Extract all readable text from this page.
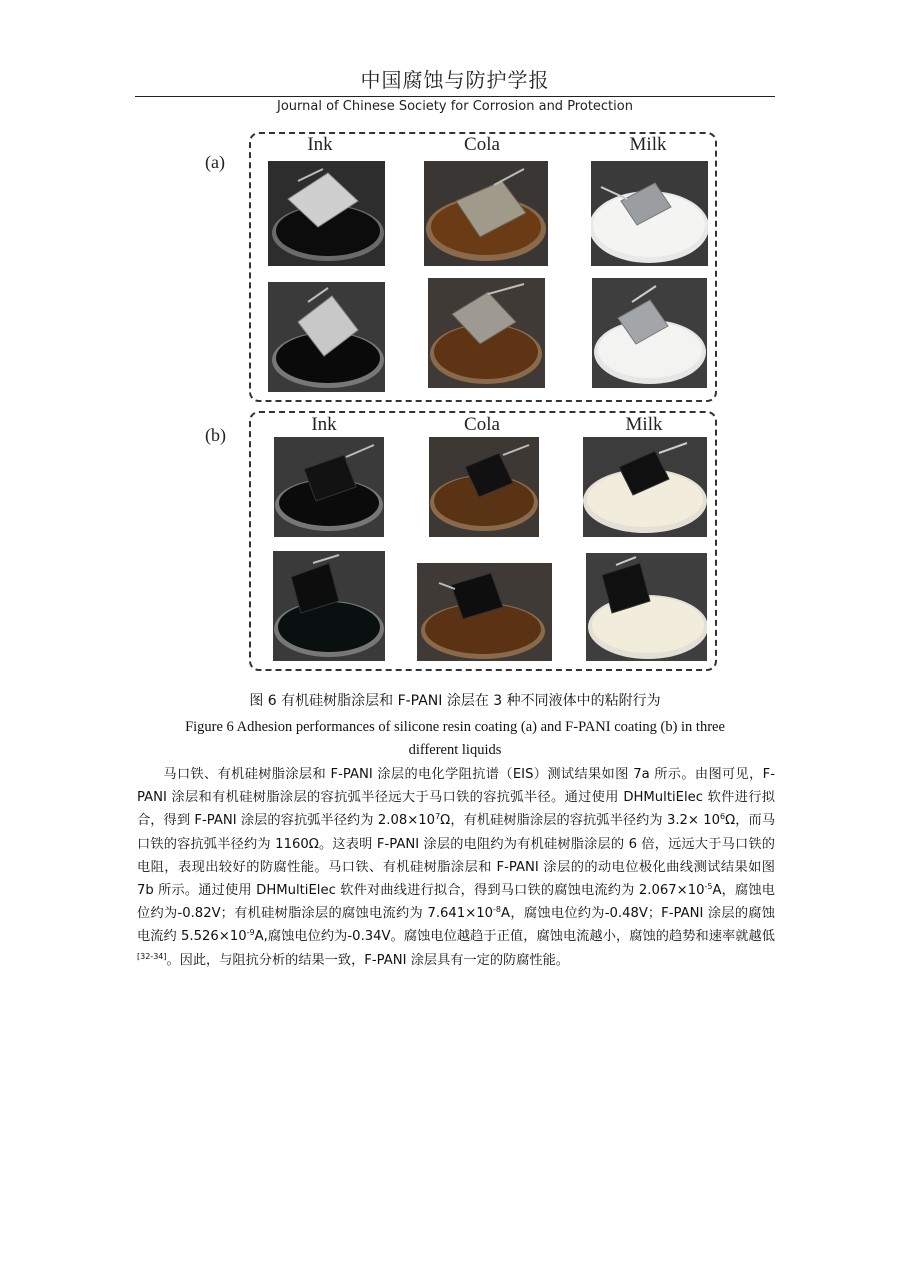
中国腐蚀与防护学报
Journal of Chinese Society for Corrosion and Protection
(a)
Ink	Cola	Milk
(b)	Ink	Cola	Milk
图 6 有机硅树脂涂层和 F-PANI 涂层在 3 种不同液体中的粘附行为
Figure 6 Adhesion performances of silicone resin coating (a) and F-PANI coating (b) in three
different liquids

马口铁、有机硅树脂涂层和 F-PANI 涂层的电化学阻抗谱（EIS）测试结果如图 7a 所示。由图可见，F-PANI 涂层和有机硅树脂涂层的容抗弧半径远大于马口铁的容抗弧半径。通过使用 DHMultiElec 软件进行拟合，得到 F-PANI 涂层的容抗弧半径约为 $2.08\times 10^7\Omega$，有机硅树脂涂层的容抗弧半径约为 $3.2\times 10^6\Omega$，而马口铁的容抗弧半径约为 1160Ω。这表明 F-PANI 涂层的电阻约为有机硅树脂涂层的 6 倍，远远大于马口铁的电阻，表现出较好的防腐性能。马口铁、有机硅树脂涂层和 F-PANI 涂层的的动电位极化曲线测试结果如图 7b 所示。通过使用 DHMultiElec 软件对曲线进行拟合，得到马口铁的腐蚀电流约为 $2.067\times 10^{-5}A$，腐蚀电位约为-0.82V；有机硅树脂涂层的腐蚀电流约为 $7.641\times 10^{-8}A$，腐蚀电位约为-0.48V；F-PANI 涂层的腐蚀电流约 $5.526\times 10^{-9}A$,腐蚀电位约为-0.34V。腐蚀电位越趋于正值，腐蚀电流越小，腐蚀的趋势和速率就越低[32-34]。因此，与阻抗分析的结果一致，F-PANI 涂层具有一定的防腐性能。
